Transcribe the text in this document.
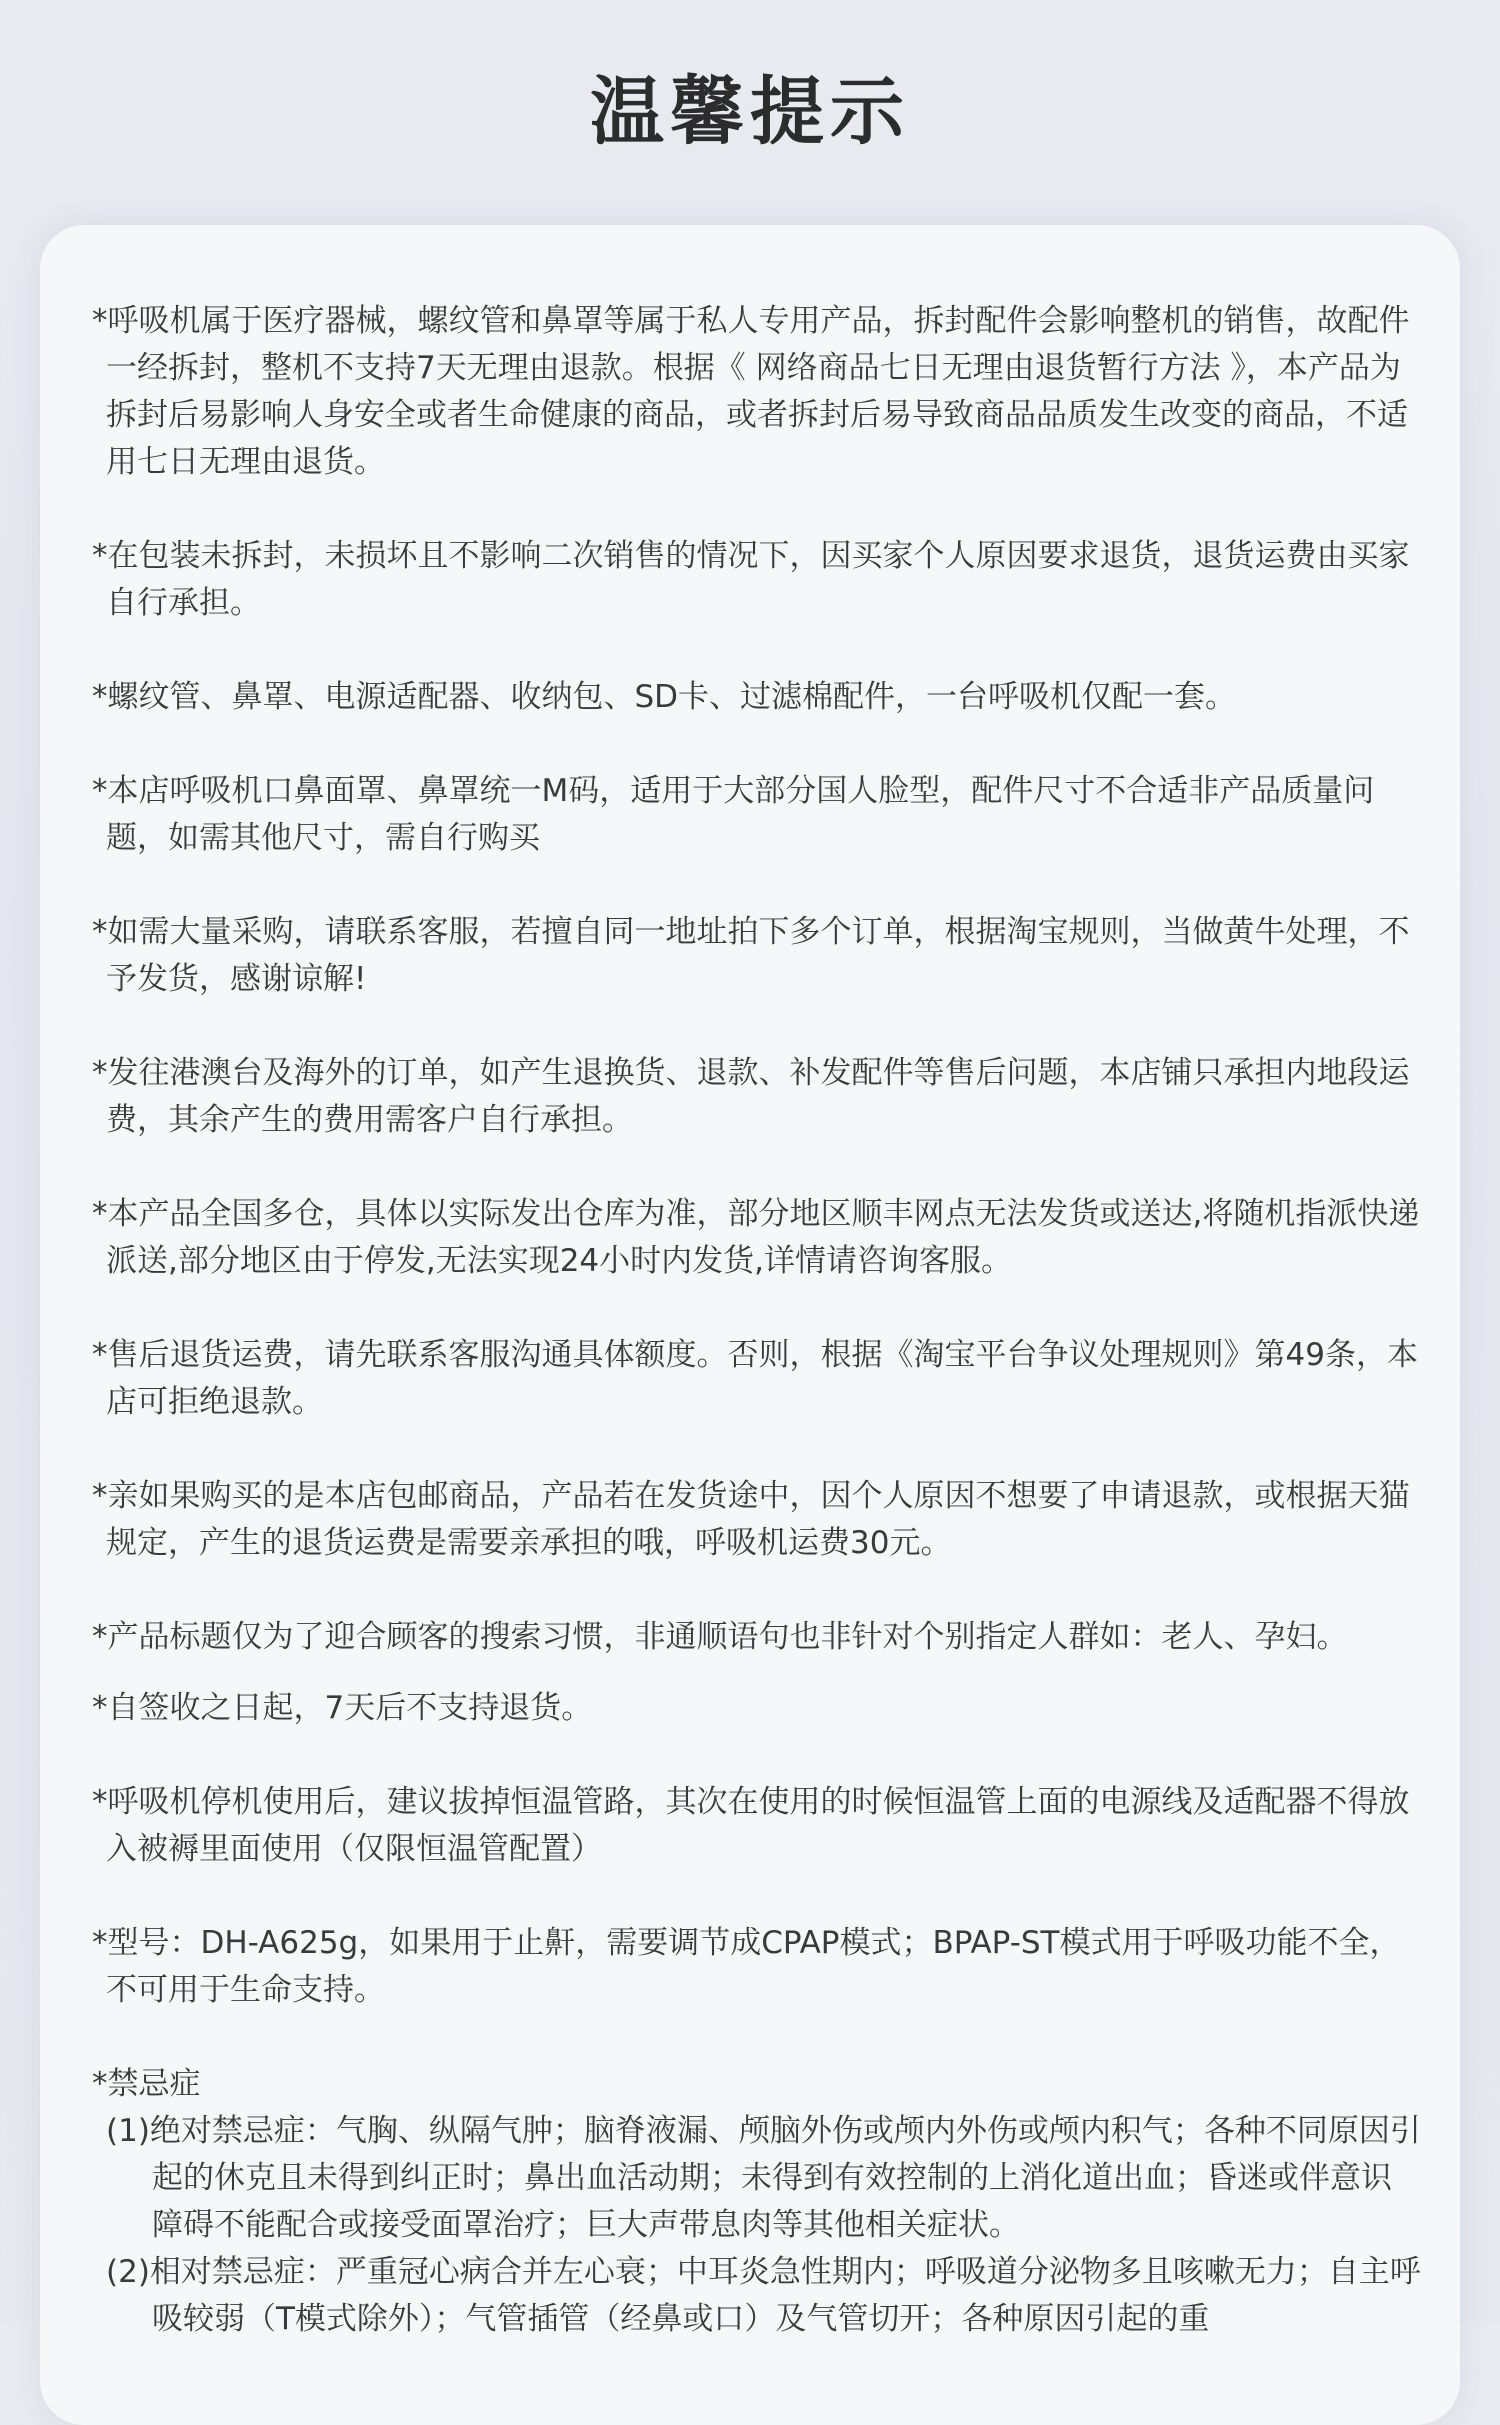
温馨提示

*呼吸机属于医疗器械，螺纹管和鼻罩等属于私人专用产品，拆封配件会影响整机的销售，故配件一经拆封，整机不支持7天无理由退款。根据《 网络商品七日无理由退货暂行方法 》，本产品为拆封后易影响人身安全或者生命健康的商品，或者拆封后易导致商品品质发生改变的商品，不适用七日无理由退货。

*在包装未拆封，未损坏且不影响二次销售的情况下，因买家个人原因要求退货，退货运费由买家自行承担。

*螺纹管、鼻罩、电源适配器、收纳包、SD卡、过滤棉配件，一台呼吸机仅配一套。

*本店呼吸机口鼻面罩、鼻罩统一M码，适用于大部分国人脸型，配件尺寸不合适非产品质量问题，如需其他尺寸，需自行购买

*如需大量采购，请联系客服，若擅自同一地址拍下多个订单，根据淘宝规则，当做黄牛处理，不予发货，感谢谅解!

*发往港澳台及海外的订单，如产生退换货、退款、补发配件等售后问题，本店铺只承担内地段运费，其余产生的费用需客户自行承担。

*本产品全国多仓，具体以实际发出仓库为准，部分地区顺丰网点无法发货或送达,将随机指派快递派送,部分地区由于停发,无法实现24小时内发货,详情请咨询客服。

*售后退货运费，请先联系客服沟通具体额度。否则，根据《淘宝平台争议处理规则》第49条，本店可拒绝退款。

*亲如果购买的是本店包邮商品，产品若在发货途中，因个人原因不想要了申请退款，或根据天猫规定，产生的退货运费是需要亲承担的哦，呼吸机运费30元。

*产品标题仅为了迎合顾客的搜索习惯，非通顺语句也非针对个别指定人群如：老人、孕妇。

*自签收之日起，7天后不支持退货。

*呼吸机停机使用后，建议拔掉恒温管路，其次在使用的时候恒温管上面的电源线及适配器不得放入被褥里面使用（仅限恒温管配置）

*型号：DH-A625g，如果用于止鼾，需要调节成CPAP模式；BPAP-ST模式用于呼吸功能不全，不可用于生命支持。

*禁忌症
(1)绝对禁忌症：气胸、纵隔气肿；脑脊液漏、颅脑外伤或颅内外伤或颅内积气；各种不同原因引起的休克且未得到纠正时；鼻出血活动期；未得到有效控制的上消化道出血；昏迷或伴意识障碍不能配合或接受面罩治疗；巨大声带息肉等其他相关症状。
(2)相对禁忌症：严重冠心病合并左心衰；中耳炎急性期内；呼吸道分泌物多且咳嗽无力；自主呼吸较弱（T模式除外）；气管插管（经鼻或口）及气管切开；各种原因引起的重
